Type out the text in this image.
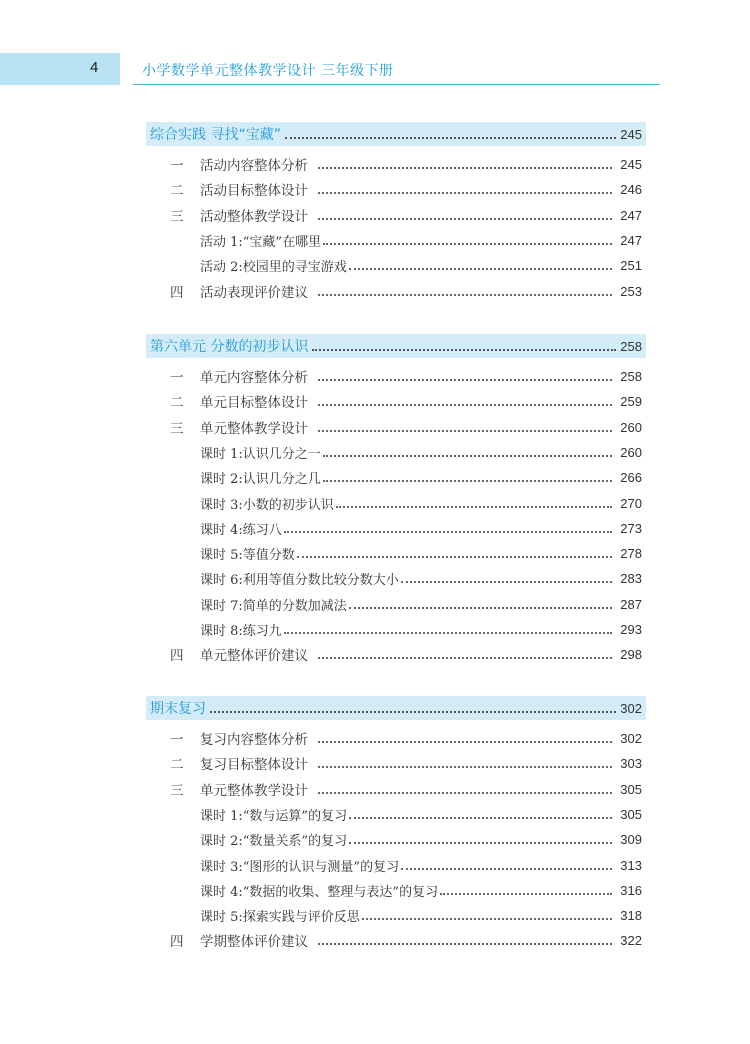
4	小学数学单元整体教学设计 三年级下册
综合实践 寻找“宝藏”	245
一	活动内容整体分析	245
二	活动目标整体设计	246
三	活动整体教学设计	247
活动 1:“宝藏”在哪里	247
活动 2:校园里的寻宝游戏	251
四	活动表现评价建议	253
第六单元 分数的初步认识	258
一	单元内容整体分析	258
二	单元目标整体设计	259
三	单元整体教学设计	260
课时 1:认识几分之一	260
课时 2:认识几分之几	266
课时 3:小数的初步认识	270
课时 4:练习八	273
课时 5:等值分数	278
课时 6:利用等值分数比较分数大小	283
课时 7:简单的分数加减法	287
课时 8:练习九	293
四	单元整体评价建议	298
期末复习	302
一	复习内容整体分析	302
二	复习目标整体设计	303
三	单元整体教学设计	305
课时 1:“数与运算”的复习	305
课时 2:“数量关系”的复习	309
课时 3:“图形的认识与测量”的复习	313
课时 4:“数据的收集、整理与表达”的复习	316
课时 5:探索实践与评价反思	318
四	学期整体评价建议	322
